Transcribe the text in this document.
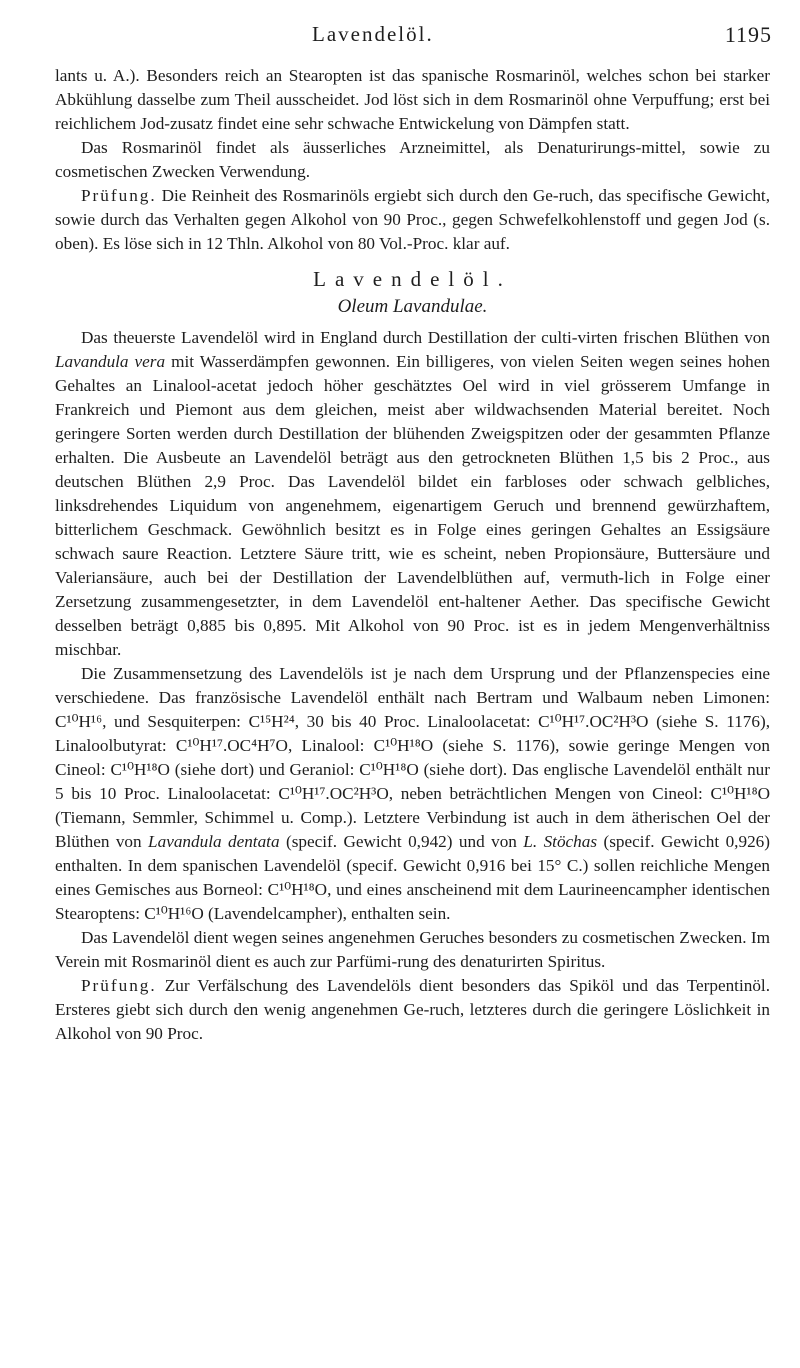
Lavendelöl.	1195

lants u. A.). Besonders reich an Stearopten ist das spanische Rosmarinöl, welches schon bei starker Abkühlung dasselbe zum Theil ausscheidet. Jod löst sich in dem Rosmarinöl ohne Verpuffung; erst bei reichlichem Jod-zusatz findet eine sehr schwache Entwickelung von Dämpfen statt.

Das Rosmarinöl findet als äusserliches Arzneimittel, als Denaturirungs-mittel, sowie zu cosmetischen Zwecken Verwendung.

Prüfung. Die Reinheit des Rosmarinöls ergiebt sich durch den Ge-ruch, das specifische Gewicht, sowie durch das Verhalten gegen Alkohol von 90 Proc., gegen Schwefelkohlenstoff und gegen Jod (s. oben). Es löse sich in 12 Thln. Alkohol von 80 Vol.-Proc. klar auf.

Lavendelöl.
Oleum Lavandulae.

Das theuerste Lavendelöl wird in England durch Destillation der culti-virten frischen Blüthen von Lavandula vera mit Wasserdämpfen gewonnen. Ein billigeres, von vielen Seiten wegen seines hohen Gehaltes an Linalool-acetat jedoch höher geschätztes Oel wird in viel grösserem Umfange in Frankreich und Piemont aus dem gleichen, meist aber wildwachsenden Material bereitet. Noch geringere Sorten werden durch Destillation der blühenden Zweigspitzen oder der gesammten Pflanze erhalten. Die Ausbeute an Lavendelöl beträgt aus den getrockneten Blüthen 1,5 bis 2 Proc., aus deutschen Blüthen 2,9 Proc. Das Lavendelöl bildet ein farbloses oder schwach gelbliches, linksdrehendes Liquidum von angenehmem, eigenartigem Geruch und brennend gewürzhaftem, bitterlichem Geschmack. Gewöhnlich besitzt es in Folge eines geringen Gehaltes an Essigsäure schwach saure Reaction. Letztere Säure tritt, wie es scheint, neben Propionsäure, Buttersäure und Valeriansäure, auch bei der Destillation der Lavendelblüthen auf, vermuth-lich in Folge einer Zersetzung zusammengesetzter, in dem Lavendelöl ent-haltener Aether. Das specifische Gewicht desselben beträgt 0,885 bis 0,895. Mit Alkohol von 90 Proc. ist es in jedem Mengenverhältniss mischbar.

Die Zusammensetzung des Lavendelöls ist je nach dem Ursprung und der Pflanzenspecies eine verschiedene. Das französische Lavendelöl enthält nach Bertram und Walbaum neben Limonen: C¹⁰H¹⁶, und Sesquiterpen: C¹⁵H²⁴, 30 bis 40 Proc. Linaloolacetat: C¹⁰H¹⁷.OC²H³O (siehe S. 1176), Linaloolbutyrat: C¹⁰H¹⁷.OC⁴H⁷O, Linalool: C¹⁰H¹⁸O (siehe S. 1176), sowie geringe Mengen von Cineol: C¹⁰H¹⁸O (siehe dort) und Geraniol: C¹⁰H¹⁸O (siehe dort). Das englische Lavendelöl enthält nur 5 bis 10 Proc. Linaloolacetat: C¹⁰H¹⁷.OC²H³O, neben beträchtlichen Mengen von Cineol: C¹⁰H¹⁸O (Tiemann, Semmler, Schimmel u. Comp.). Letztere Verbindung ist auch in dem ätherischen Oel der Blüthen von Lavandula dentata (specif. Gewicht 0,942) und von L. Stöchas (specif. Gewicht 0,926) enthalten. In dem spanischen Lavendelöl (specif. Gewicht 0,916 bei 15° C.) sollen reichliche Mengen eines Gemisches aus Borneol: C¹⁰H¹⁸O, und eines anscheinend mit dem Laurineencampher identischen Stearoptens: C¹⁰H¹⁶O (Lavendelcampher), enthalten sein.

Das Lavendelöl dient wegen seines angenehmen Geruches besonders zu cosmetischen Zwecken. Im Verein mit Rosmarinöl dient es auch zur Parfümi-rung des denaturirten Spiritus.

Prüfung. Zur Verfälschung des Lavendelöls dient besonders das Spiköl und das Terpentinöl. Ersteres giebt sich durch den wenig angenehmen Ge-ruch, letzteres durch die geringere Löslichkeit in Alkohol von 90 Proc.
